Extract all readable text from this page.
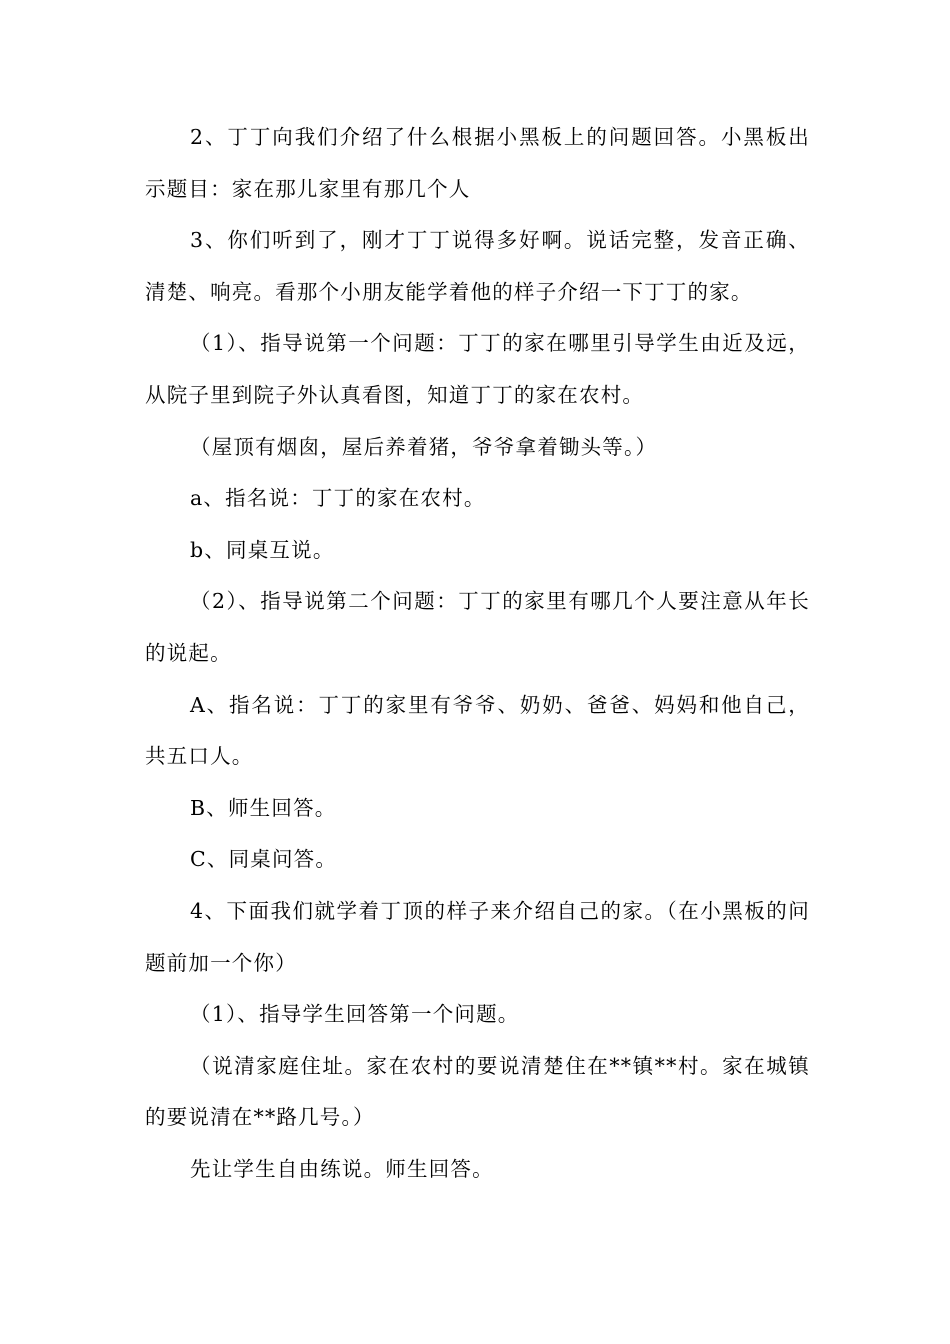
2、丁丁向我们介绍了什么根据小黑板上的问题回答。小黑板出示题目：家在那儿家里有那几个人

3、你们听到了，刚才丁丁说得多好啊。说话完整，发音正确、清楚、响亮。看那个小朋友能学着他的样子介绍一下丁丁的家。

（1）、指导说第一个问题：丁丁的家在哪里引导学生由近及远，从院子里到院子外认真看图，知道丁丁的家在农村。

（屋顶有烟囱，屋后养着猪，爷爷拿着锄头等。）

a、指名说：丁丁的家在农村。

b、同桌互说。

（2）、指导说第二个问题：丁丁的家里有哪几个人要注意从年长的说起。

A、指名说：丁丁的家里有爷爷、奶奶、爸爸、妈妈和他自己，共五口人。

B、师生回答。

C、同桌问答。

4、下面我们就学着丁顶的样子来介绍自己的家。（在小黑板的问题前加一个你）

（1）、指导学生回答第一个问题。

（说清家庭住址。家在农村的要说清楚住在**镇**村。家在城镇的要说清在**路几号。）

先让学生自由练说。师生回答。
